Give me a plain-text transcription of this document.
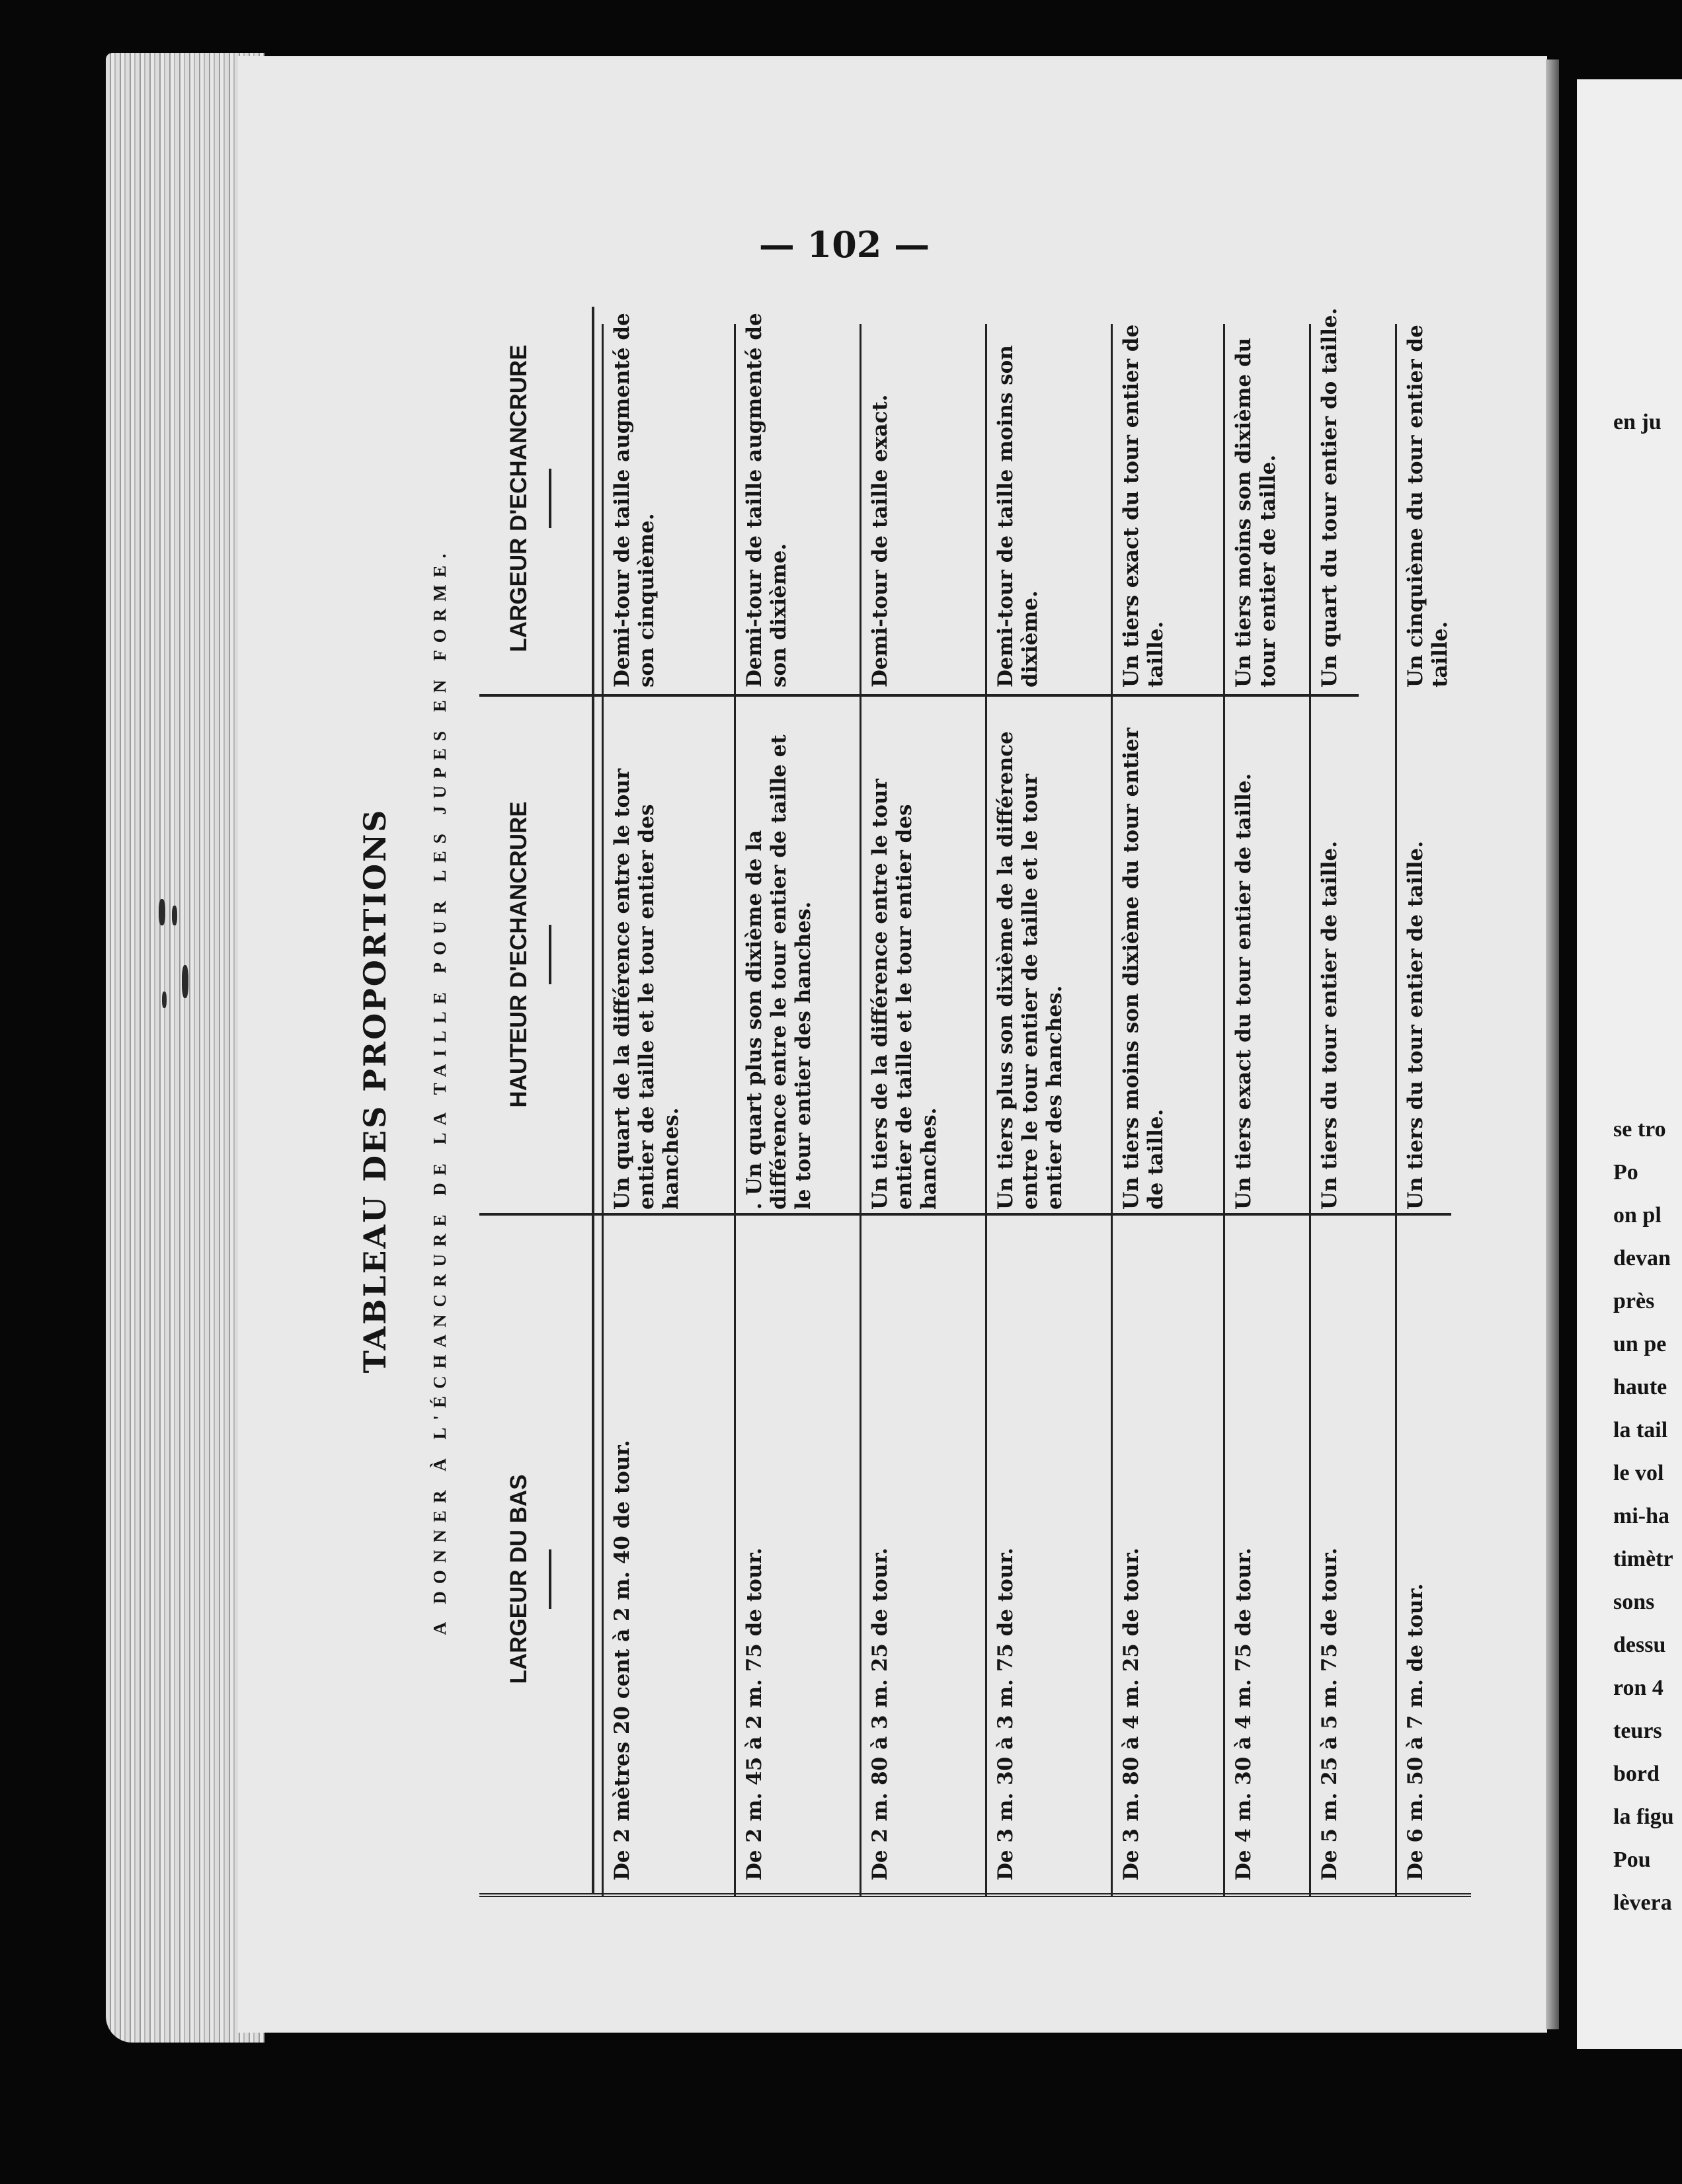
en ju
se tro
Po
on pl
devan
près
un pe
haute
la tail
le vol
mi-ha
timètr
sons
dessu
ron 4
teurs
bord
la figu
Pou
lèvera
— 102 —
TABLEAU DES PROPORTIONS A DONNER À L'ÉCHANCRURE DE LA TAILLE POUR LES JUPES EN FORME. LARGEUR DU BAS
HAUTEUR D'ECHANCRURE
LARGEUR D'ECHANCRURE
De 2 mètres 20 cent à 2 m. 40 de tour.
Un quart de la différence entre le tour entier de taille et le tour entier des hanches.
Demi-tour de taille augmenté de son cinquième.
De 2 m. 45 à 2 m. 75 de tour.
. Un quart plus son dixième de la différence entre le tour entier de taille et le tour entier des hanches.
Demi-tour de taille augmenté de son dixième.
De 2 m. 80 à 3 m. 25 de tour.
Un tiers de la différence entre le tour entier de taille et le tour entier des hanches.
Demi-tour de taille exact.
De 3 m. 30 à 3 m. 75 de tour.
Un tiers plus son dixième de la différence entre le tour entier de taille et le tour entier des hanches.
Demi-tour de taille moins son dixième.
De 3 m. 80 à 4 m. 25 de tour.
Un tiers moins son dixième du tour entier de taille.
Un tiers exact du tour entier de taille.
De 4 m. 30 à 4 m. 75 de tour.
Un tiers exact du tour entier de taille.
Un tiers moins son dixième du tour entier de taille.
De 5 m. 25 à 5 m. 75 de tour.
Un tiers du tour entier de taille.
Un quart du tour entier do taille.
De 6 m. 50 à 7 m. de tour.
Un tiers du tour entier de taille.
Un cinquième du tour entier de taille.
